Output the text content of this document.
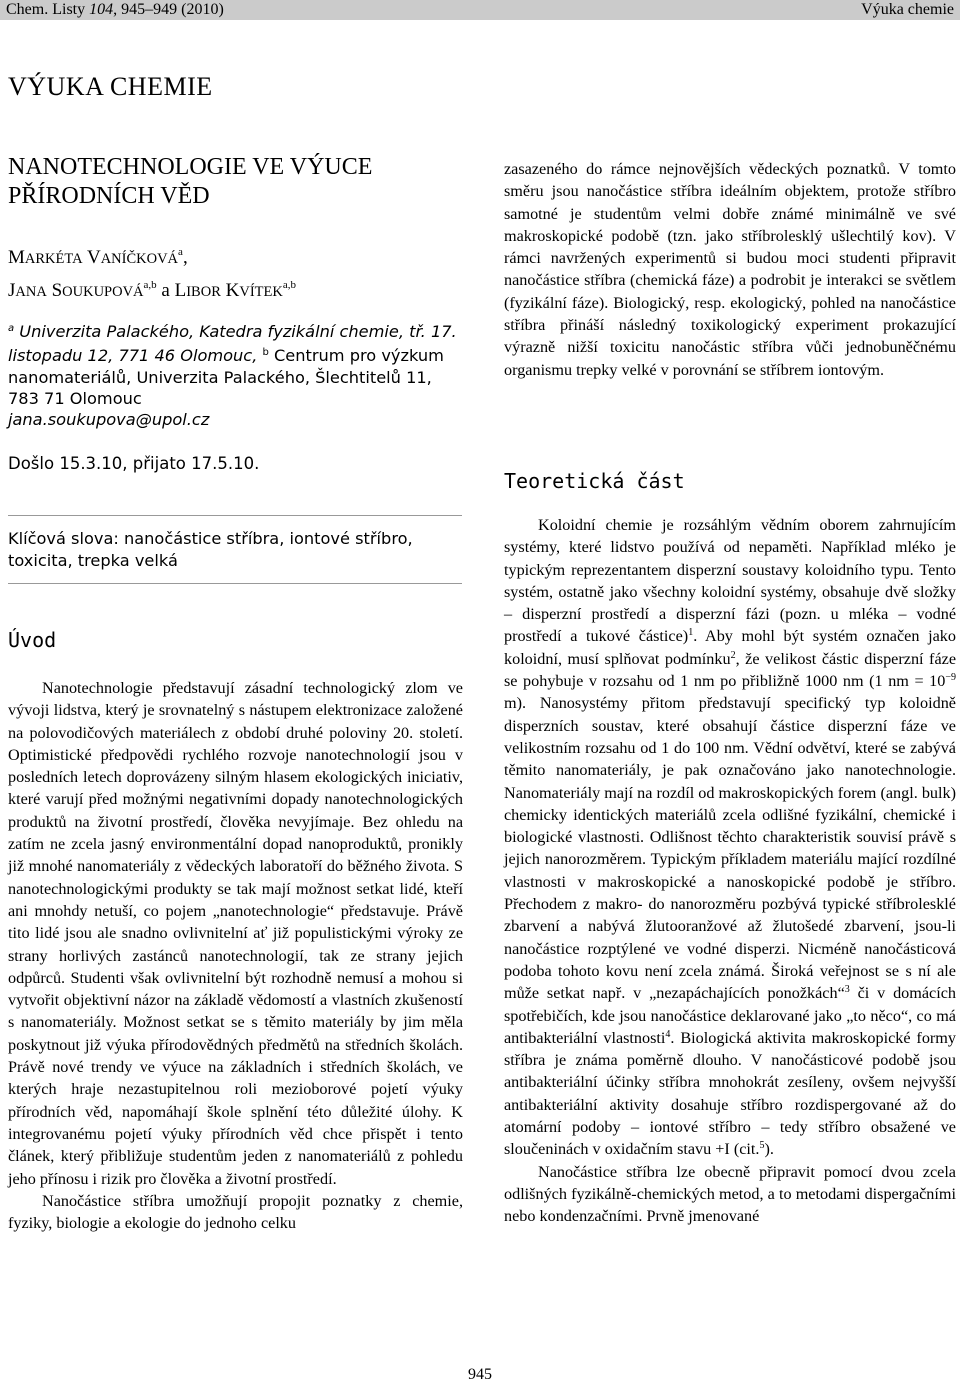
Chem. Listy 104, 945–949 (2010)	Výuka chemie
VÝUKA CHEMIE
NANOTECHNOLOGIE VE VÝUCE
PŘÍRODNÍCH VĚD
MARKÉTA VANÍČKOVÁ$^a$,
JANA SOUKUPOVÁ$^{a,b}$ a LIBOR KVÍTEK$^{a,b}$
$^a$ Univerzita Palackého, Katedra fyzikální chemie, tř. 17. listopadu 12, 771 46 Olomouc, $^b$ Centrum pro výzkum nanomateriálů, Univerzita Palackého, Šlechtitelů 11, 783 71 Olomouc
jana.soukupova@upol.cz
Došlo 15.3.10, přijato 17.5.10.
Klíčová slova: nanočástice stříbra, iontové stříbro, toxicita, trepka velká
Úvod

Nanotechnologie představují zásadní technologický zlom ve vývoji lidstva, který je srovnatelný s nástupem elektronizace založené na polovodičových materiálech z období druhé poloviny 20. století. Optimistické předpovědi rychlého rozvoje nanotechnologií jsou v posledních letech doprovázeny silným hlasem ekologických iniciativ, které varují před možnými negativními dopady nanotechnologických produktů na životní prostředí, člověka nevyjímaje. Bez ohledu na zatím ne zcela jasný environmentální dopad nanoproduktů, pronikly již mnohé nanomateriály z vědeckých laboratoří do běžného života. S nanotechnologickými produkty se tak mají možnost setkat lidé, kteří ani mnohdy netuší, co pojem „nanotechnologie“ představuje. Právě tito lidé jsou ale snadno ovlivnitelní ať již populistickými výroky ze strany horlivých zastánců nanotechnologií, tak ze strany jejich odpůrců. Studenti však ovlivnitelní být rozhodně nemusí a mohou si vytvořit objektivní názor na základě vědomostí a vlastních zkušeností s nanomateriály. Možnost setkat se s těmito materiály by jim měla poskytnout již výuka přírodovědných předmětů na středních školách. Právě nové trendy ve výuce na základních i středních školách, ve kterých hraje nezastupitelnou roli mezioborové pojetí výuky přírodních věd, napomáhají škole splnění této důležité úlohy. K integrovanému pojetí výuky přírodních věd chce přispět i tento článek, který přibližuje studentům jeden z nanomateriálů z pohledu jeho přínosu i rizik pro člověka a životní prostředí.

Nanočástice stříbra umožňují propojit poznatky z chemie, fyziky, biologie a ekologie do jednoho celku

zasazeného do rámce nejnovějších vědeckých poznatků. V tomto směru jsou nanočástice stříbra ideálním objektem, protože stříbro samotné je studentům velmi dobře známé minimálně ve své makroskopické podobě (tzn. jako stříbrolesklý ušlechtilý kov). V rámci navržených experimentů si budou moci studenti připravit nanočástice stříbra (chemická fáze) a podrobit je interakci se světlem (fyzikální fáze). Biologický, resp. ekologický, pohled na nanočástice stříbra přináší následný toxikologický experiment prokazující výrazně nižší toxicitu nanočástic stříbra vůči jednobuněčnému organismu trepky velké v porovnání se stříbrem iontovým.

Teoretická část

Koloidní chemie je rozsáhlým vědním oborem zahrnujícím systémy, které lidstvo používá od nepaměti. Například mléko je typickým reprezentantem disperzní soustavy koloidního typu. Tento systém, ostatně jako všechny koloidní systémy, obsahuje dvě složky – disperzní prostředí a disperzní fázi (pozn. u mléka – vodné prostředí a tukové částice)$^1$. Aby mohl být systém označen jako koloidní, musí splňovat podmínku$^2$, že velikost částic disperzní fáze se pohybuje v rozsahu od 1 nm po přibližně 1000 nm (1 nm = $10^{-9}$ m). Nanosystémy přitom představují specifický typ koloidně disperzních soustav, které obsahují částice disperzní fáze ve velikostním rozsahu od 1 do 100 nm. Vědní odvětví, které se zabývá těmito nanomateriály, je pak označováno jako nanotechnologie. Nanomateriály mají na rozdíl od makroskopických forem (angl. bulk) chemicky identických materiálů zcela odlišné fyzikální, chemické i biologické vlastnosti. Odlišnost těchto charakteristik souvisí právě s jejich nanorozměrem. Typickým příkladem materiálu mající rozdílné vlastnosti v makroskopické a nanoskopické podobě je stříbro. Přechodem z makro- do nanorozměru pozbývá typické stříbrolesklé zbarvení a nabývá žlutooranžové až žlutošedé zbarvení, jsou-li nanočástice rozptýlené ve vodné disperzi. Nicméně nanočásticová podoba tohoto kovu není zcela známá. Široká veřejnost se s ní ale může setkat např. v „nezapáchajících ponožkách“$^3$ či v domácích spotřebičích, kde jsou nanočástice deklarované jako „to něco“, co má antibakteriální vlastnosti$^4$. Biologická aktivita makroskopické formy stříbra je známa poměrně dlouho. V nanočásticové podobě jsou antibakteriální účinky stříbra mnohokrát zesíleny, ovšem nejvyšší antibakteriální aktivity dosahuje stříbro rozdispergované až do atomární podoby – iontové stříbro – tedy stříbro obsažené ve sloučeninách v oxidačním stavu +I (cit.$^5$).

Nanočástice stříbra lze obecně připravit pomocí dvou zcela odlišných fyzikálně-chemických metod, a to metodami dispergačními nebo kondenzačními. Prvně jmenované

945
